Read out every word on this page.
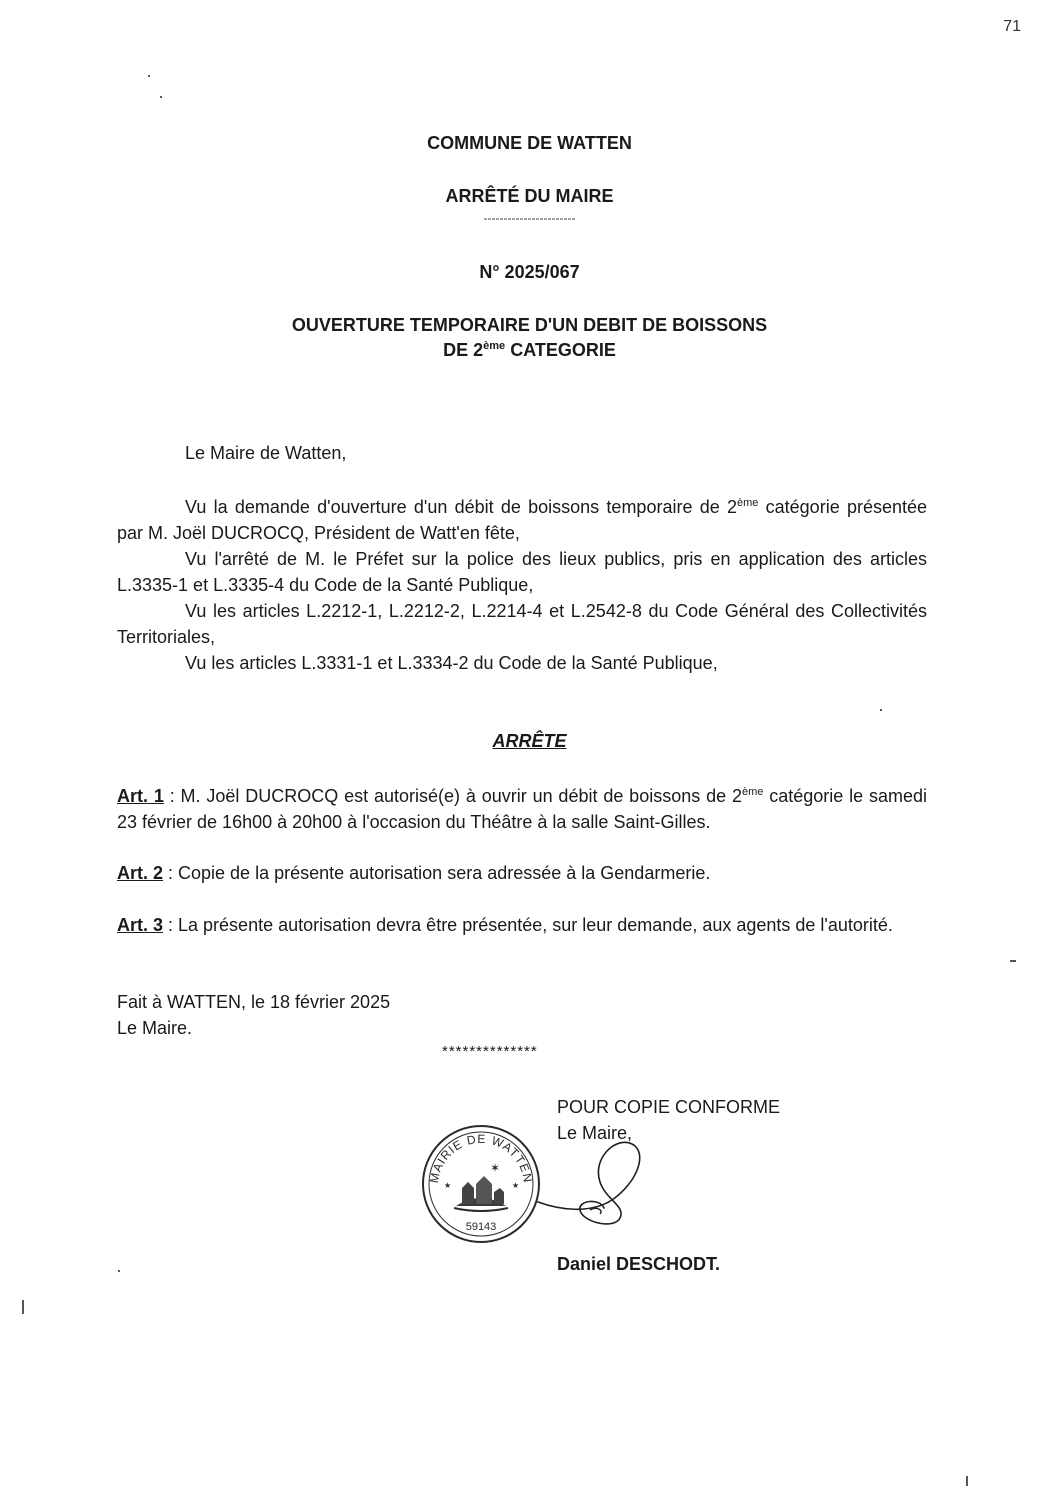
71
COMMUNE DE WATTEN
ARRÊTÉ DU MAIRE
-----------------------
N° 2025/067
OUVERTURE TEMPORAIRE D'UN DEBIT DE BOISSONS
DE 2ème CATEGORIE
Le Maire de Watten,
Vu la demande d'ouverture d'un débit de boissons temporaire de 2ème catégorie présentée par M. Joël DUCROCQ, Président de Watt'en fête,
Vu l'arrêté de M. le Préfet sur la police des lieux publics, pris en application des articles L.3335-1 et L.3335-4 du Code de la Santé Publique,
Vu les articles L.2212-1, L.2212-2, L.2214-4 et L.2542-8 du Code Général des Collectivités Territoriales,
Vu les articles L.3331-1 et L.3334-2 du Code de la Santé Publique,
ARRÊTE
Art. 1 : M. Joël DUCROCQ est autorisé(e) à ouvrir un débit de boissons de 2ème catégorie le samedi 23 février de 16h00 à 20h00 à l'occasion du Théâtre à la salle Saint-Gilles.
Art. 2 : Copie de la présente autorisation sera adressée à la Gendarmerie.
Art. 3 : La présente autorisation devra être présentée, sur leur demande, aux agents de l'autorité.
Fait à WATTEN, le 18 février 2025
Le Maire.
**************
POUR COPIE CONFORME
Le Maire,
MAIRIE DE WATTEN
59143
✶
★	★
Daniel DESCHODT.
